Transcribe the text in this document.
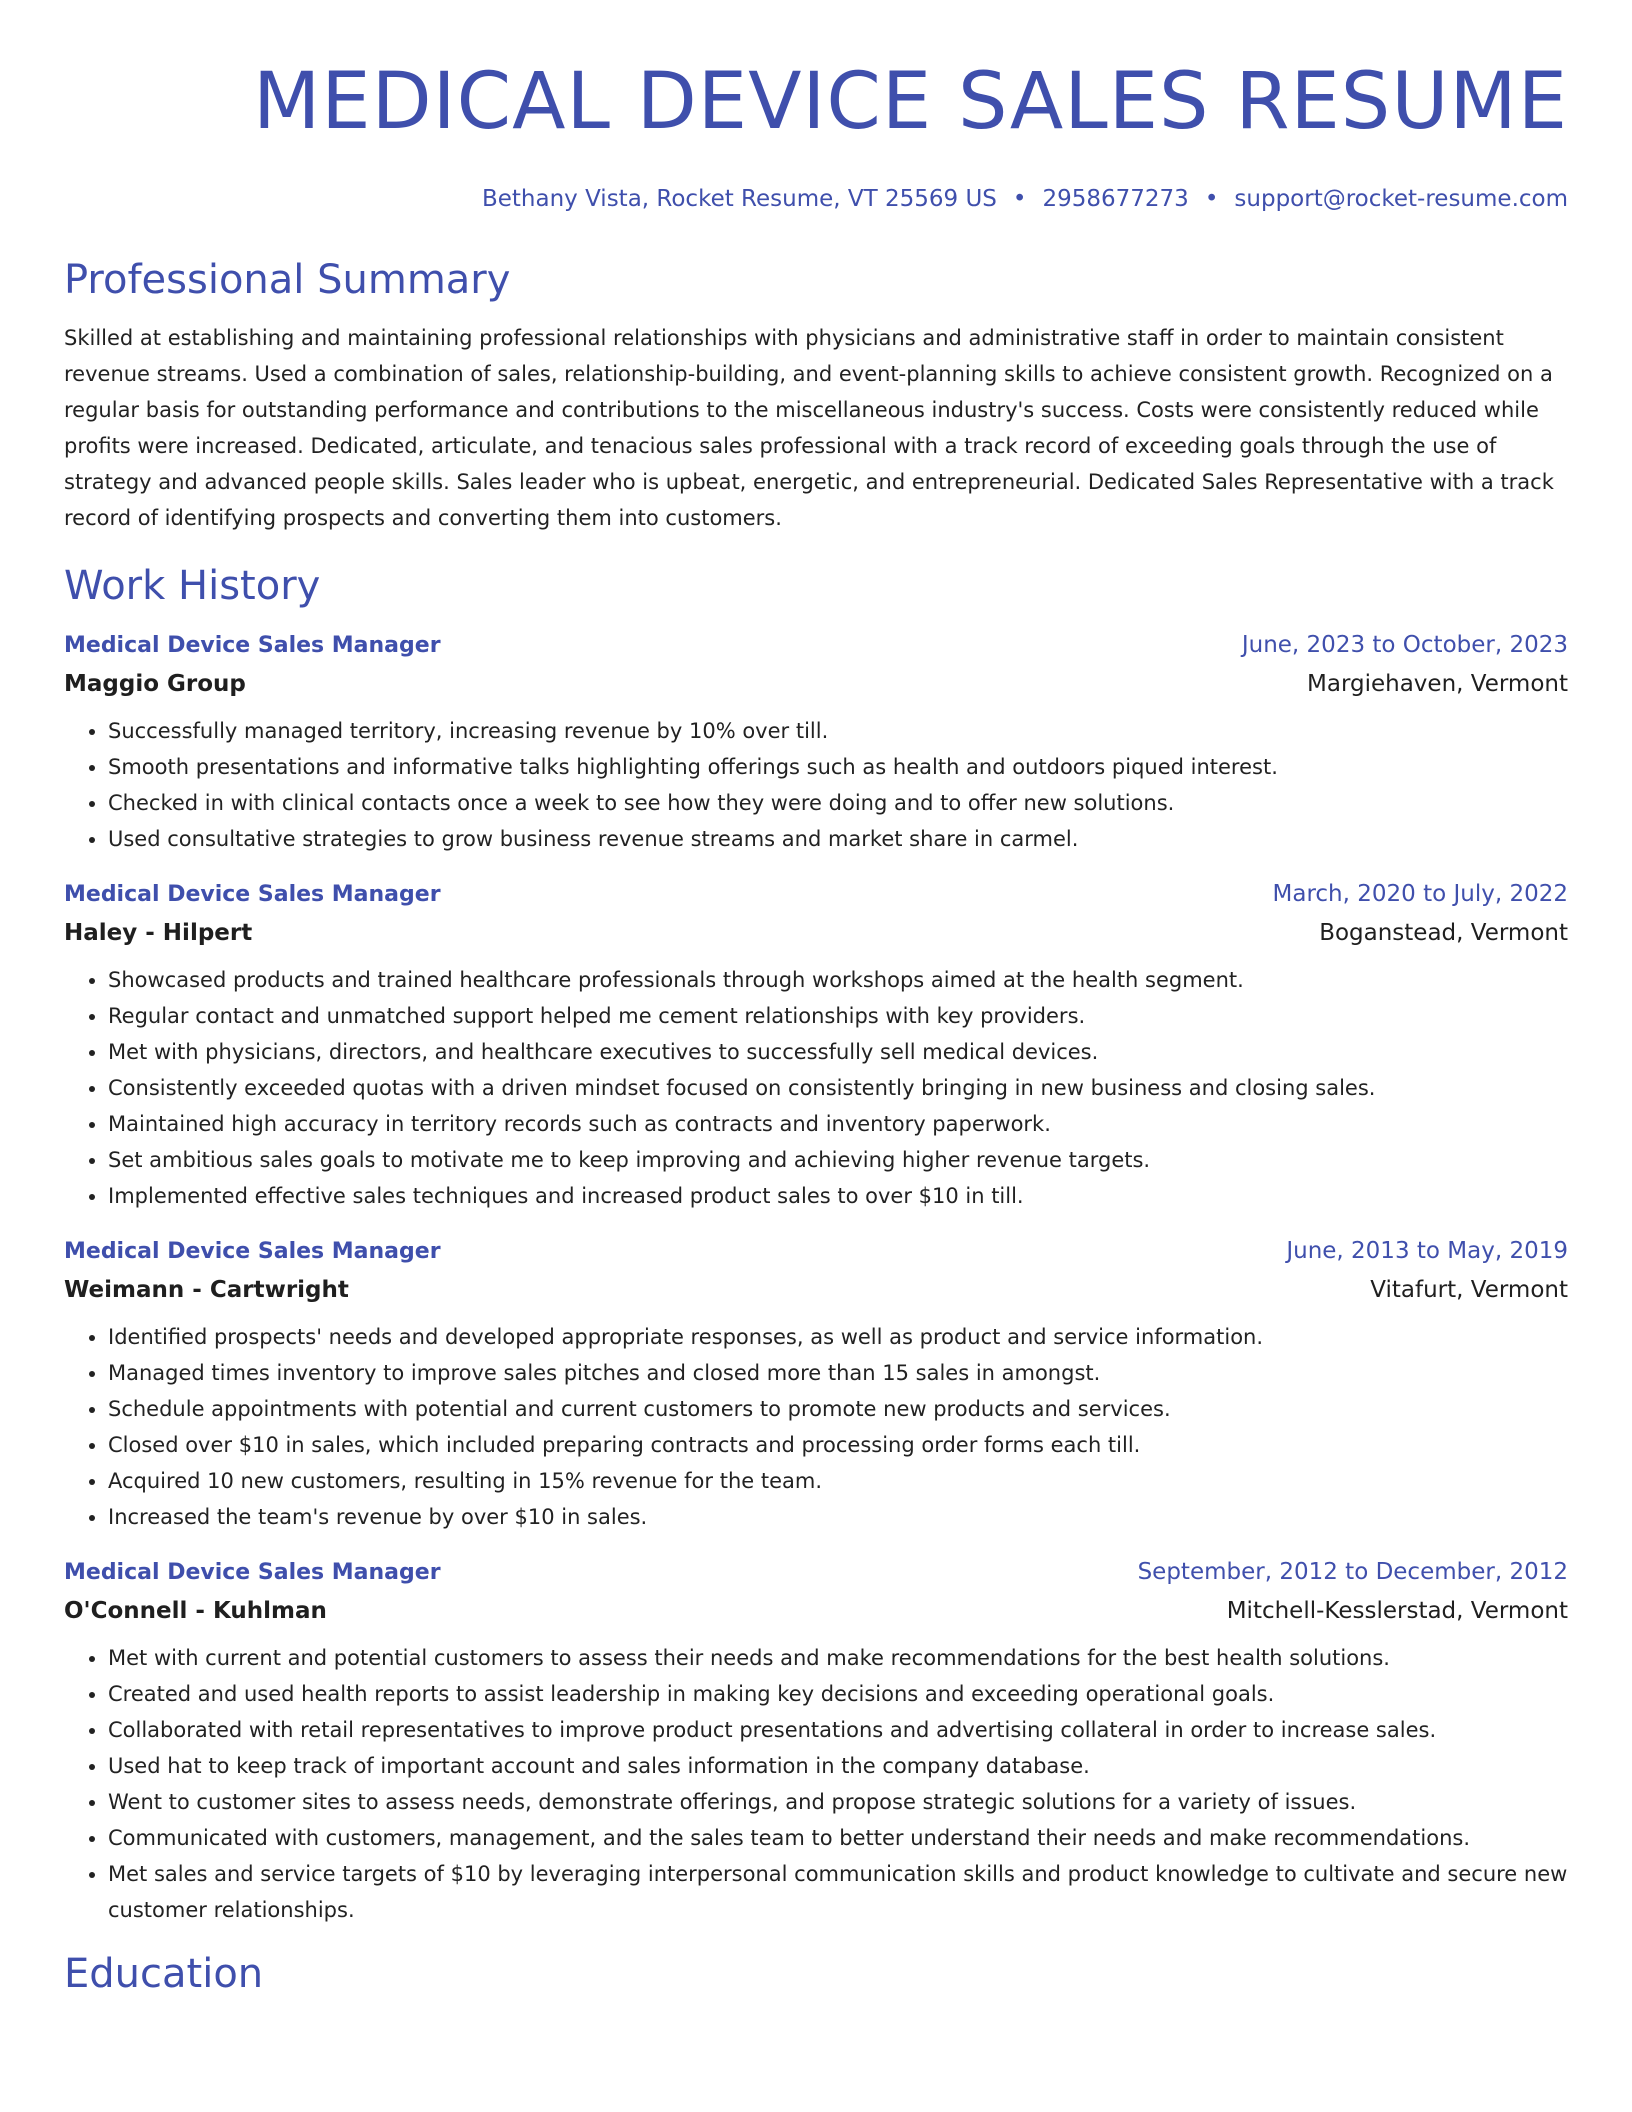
MEDICAL DEVICE SALES RESUME
Bethany Vista, Rocket Resume, VT 25569 US • 2958677273 • support@rocket-resume.com
Professional Summary
Skilled at establishing and maintaining professional relationships with physicians and administrative staff in order to maintain consistent revenue streams. Used a combination of sales, relationship-building, and event-planning skills to achieve consistent growth. Recognized on a regular basis for outstanding performance and contributions to the miscellaneous industry's success. Costs were consistently reduced while profits were increased. Dedicated, articulate, and tenacious sales professional with a track record of exceeding goals through the use of strategy and advanced people skills. Sales leader who is upbeat, energetic, and entrepreneurial. Dedicated Sales Representative with a track record of identifying prospects and converting them into customers.
Work History
Medical Device Sales Manager	June, 2023 to October, 2023
Maggio Group	Margiehaven, Vermont
• Successfully managed territory, increasing revenue by 10% over till.
• Smooth presentations and informative talks highlighting offerings such as health and outdoors piqued interest.
• Checked in with clinical contacts once a week to see how they were doing and to offer new solutions.
• Used consultative strategies to grow business revenue streams and market share in carmel.
Medical Device Sales Manager	March, 2020 to July, 2022
Haley - Hilpert	Boganstead, Vermont
• Showcased products and trained healthcare professionals through workshops aimed at the health segment.
• Regular contact and unmatched support helped me cement relationships with key providers.
• Met with physicians, directors, and healthcare executives to successfully sell medical devices.
• Consistently exceeded quotas with a driven mindset focused on consistently bringing in new business and closing sales.
• Maintained high accuracy in territory records such as contracts and inventory paperwork.
• Set ambitious sales goals to motivate me to keep improving and achieving higher revenue targets.
• Implemented effective sales techniques and increased product sales to over $10 in till.
Medical Device Sales Manager	June, 2013 to May, 2019
Weimann - Cartwright	Vitafurt, Vermont
• Identified prospects' needs and developed appropriate responses, as well as product and service information.
• Managed times inventory to improve sales pitches and closed more than 15 sales in amongst.
• Schedule appointments with potential and current customers to promote new products and services.
• Closed over $10 in sales, which included preparing contracts and processing order forms each till.
• Acquired 10 new customers, resulting in 15% revenue for the team.
• Increased the team's revenue by over $10 in sales.
Medical Device Sales Manager	September, 2012 to December, 2012
O'Connell - Kuhlman	Mitchell-Kesslerstad, Vermont
• Met with current and potential customers to assess their needs and make recommendations for the best health solutions.
• Created and used health reports to assist leadership in making key decisions and exceeding operational goals.
• Collaborated with retail representatives to improve product presentations and advertising collateral in order to increase sales.
• Used hat to keep track of important account and sales information in the company database.
• Went to customer sites to assess needs, demonstrate offerings, and propose strategic solutions for a variety of issues.
• Communicated with customers, management, and the sales team to better understand their needs and make recommendations.
• Met sales and service targets of $10 by leveraging interpersonal communication skills and product knowledge to cultivate and secure new customer relationships.
Education
